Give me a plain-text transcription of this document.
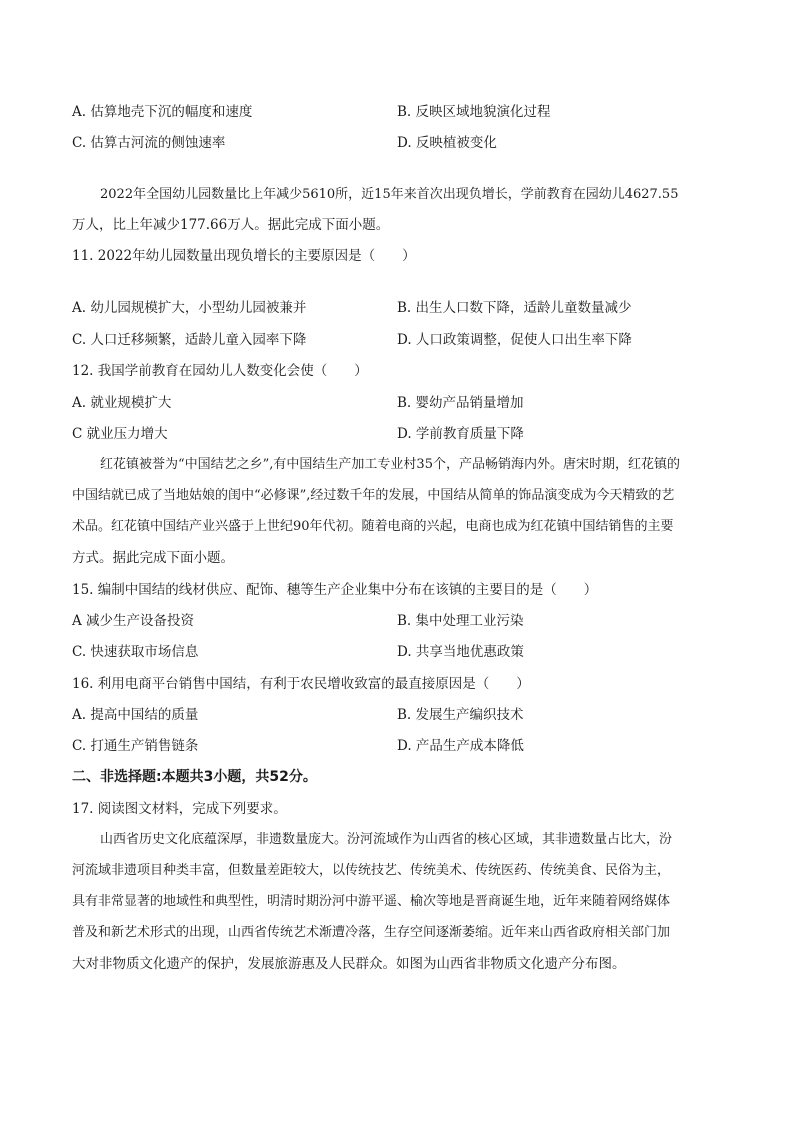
A. 估算地壳下沉的幅度和速度	B. 反映区域地貌演化过程
C. 估算古河流的侧蚀速率	D. 反映植被变化
2022年全国幼儿园数量比上年减少5610所，近15年来首次出现负增长，学前教育在园幼儿4627.55
万人，比上年减少177.66万人。据此完成下面小题。
11. 2022年幼儿园数量出现负增长的主要原因是（　　）
A. 幼儿园规模扩大，小型幼儿园被兼并	B. 出生人口数下降，适龄儿童数量减少
C. 人口迁移频繁，适龄儿童入园率下降	D. 人口政策调整，促使人口出生率下降
12. 我国学前教育在园幼儿人数变化会使（　　）
A. 就业规模扩大	B. 婴幼产品销量增加
C 就业压力增大	D. 学前教育质量下降
红花镇被誉为“中国结艺之乡”,有中国结生产加工专业村35个，产品畅销海内外。唐宋时期，红花镇的
中国结就已成了当地姑娘的闺中“必修课”,经过数千年的发展，中国结从简单的饰品演变成为今天精致的艺
术品。红花镇中国结产业兴盛于上世纪90年代初。随着电商的兴起，电商也成为红花镇中国结销售的主要
方式。据此完成下面小题。
15. 编制中国结的线材供应、配饰、穗等生产企业集中分布在该镇的主要目的是（　　）
A 减少生产设备投资	B. 集中处理工业污染
C. 快速获取市场信息	D. 共享当地优惠政策
16. 利用电商平台销售中国结，有利于农民增收致富的最直接原因是（　　）
A. 提高中国结的质量	B. 发展生产编织技术
C. 打通生产销售链条	D. 产品生产成本降低
二、非选择题:本题共3小题，共52分。
17. 阅读图文材料，完成下列要求。
山西省历史文化底蕴深厚，非遗数量庞大。汾河流域作为山西省的核心区域，其非遗数量占比大，汾
河流域非遗项目种类丰富，但数量差距较大，以传统技艺、传统美术、传统医药、传统美食、民俗为主，
具有非常显著的地域性和典型性，明清时期汾河中游平遥、榆次等地是晋商诞生地，近年来随着网络媒体
普及和新艺术形式的出现，山西省传统艺术渐遭冷落，生存空间逐渐萎缩。近年来山西省政府相关部门加
大对非物质文化遗产的保护，发展旅游惠及人民群众。如图为山西省非物质文化遗产分布图。
